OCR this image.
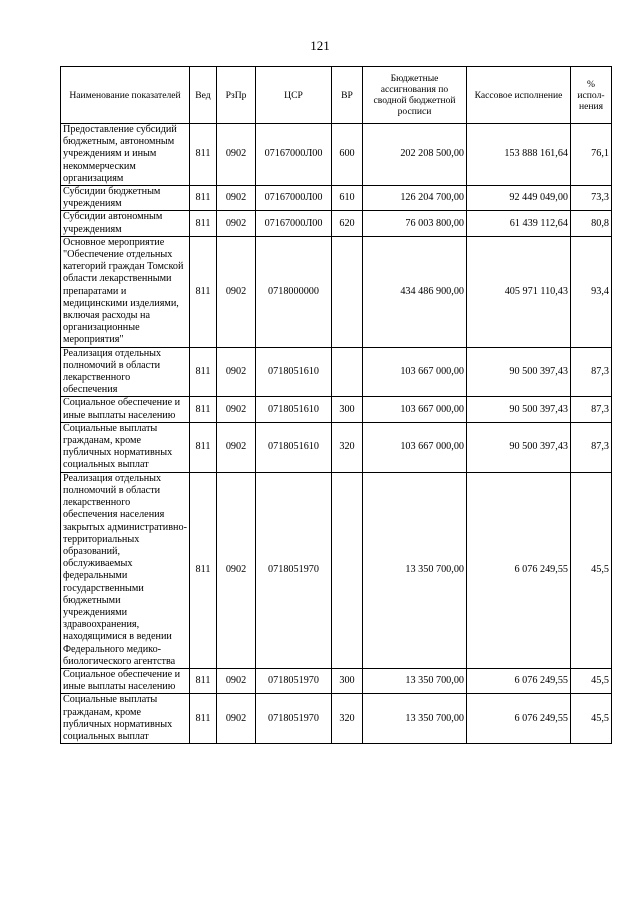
121
Наименование показателей	Вед	РзПр	ЦСР	ВР	Бюджетные ассигнования по сводной бюджетной росписи	Кассовое исполнение	% испол-нения
Предоставление субсидий бюджетным, автономным учреждениям и иным некоммерческим организациям	811	0902	07167000Л00	600	202 208 500,00	153 888 161,64	76,1
Субсидии бюджетным учреждениям	811	0902	07167000Л00	610	126 204 700,00	92 449 049,00	73,3
Субсидии автономным учреждениям	811	0902	07167000Л00	620	76 003 800,00	61 439 112,64	80,8
Основное мероприятие "Обеспечение отдельных категорий граждан Томской области лекарственными препаратами и медицинскими изделиями, включая расходы на организационные мероприятия"	811	0902	0718000000		434 486 900,00	405 971 110,43	93,4
Реализация отдельных полномочий в области лекарственного обеспечения	811	0902	0718051610		103 667 000,00	90 500 397,43	87,3
Социальное обеспечение и иные выплаты населению	811	0902	0718051610	300	103 667 000,00	90 500 397,43	87,3
Социальные выплаты гражданам, кроме публичных нормативных социальных выплат	811	0902	0718051610	320	103 667 000,00	90 500 397,43	87,3
Реализация отдельных полномочий в области лекарственного обеспечения населения закрытых административно-территориальных образований, обслуживаемых федеральными государственными бюджетными учреждениями здравоохранения, находящимися в ведении Федерального медико-биологического агентства	811	0902	0718051970		13 350 700,00	6 076 249,55	45,5
Социальное обеспечение и иные выплаты населению	811	0902	0718051970	300	13 350 700,00	6 076 249,55	45,5
Социальные выплаты гражданам, кроме публичных нормативных социальных выплат	811	0902	0718051970	320	13 350 700,00	6 076 249,55	45,5
